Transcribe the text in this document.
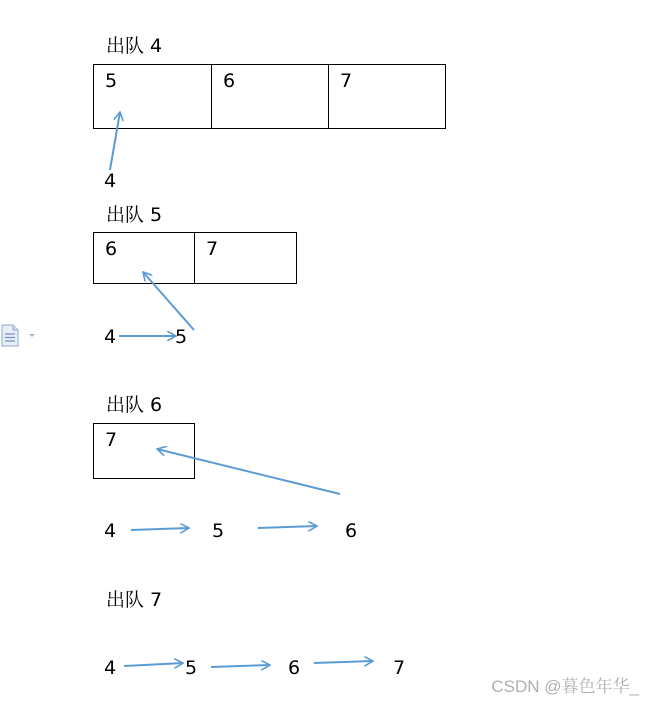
出队 4
5	6	7
4
出队 5
6	7
4	5
出队 6
7
4	5	6
出队 7
4	5	6	7
CSDN @暮色年华_
